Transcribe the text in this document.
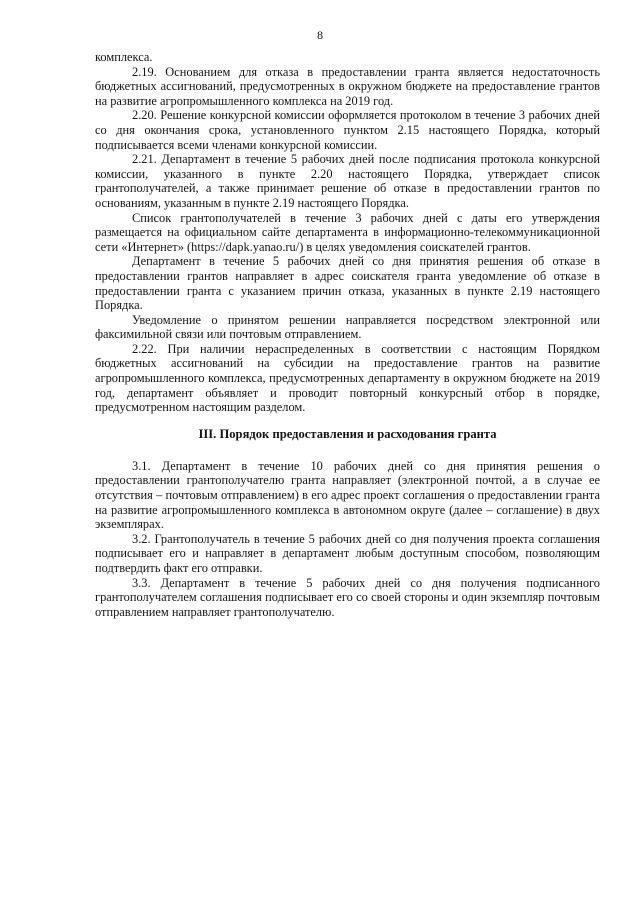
8

комплекса.

2.19. Основанием для отказа в предоставлении гранта является недостаточность бюджетных ассигнований, предусмотренных в окружном бюджете на предоставление грантов на развитие агропромышленного комплекса на 2019 год.

2.20. Решение конкурсной комиссии оформляется протоколом в течение 3 рабочих дней со дня окончания срока, установленного пунктом 2.15 настоящего Порядка, который подписывается всеми членами конкурсной комиссии.

2.21. Департамент в течение 5 рабочих дней после подписания протокола конкурсной комиссии, указанного в пункте 2.20 настоящего Порядка, утверждает список грантополучателей, а также принимает решение об отказе в предоставлении грантов по основаниям, указанным в пункте 2.19 настоящего Порядка.

Список грантополучателей в течение 3 рабочих дней с даты его утверждения размещается на официальном сайте департамента в информационно-телекоммуникационной сети «Интернет» (https://dapk.yanao.ru/) в целях уведомления соискателей грантов.

Департамент в течение 5 рабочих дней со дня принятия решения об отказе в предоставлении грантов направляет в адрес соискателя гранта уведомление об отказе в предоставлении гранта с указанием причин отказа, указанных в пункте 2.19 настоящего Порядка.

Уведомление о принятом решении направляется посредством электронной или факсимильной связи или почтовым отправлением.

2.22. При наличии нераспределенных в соответствии с настоящим Порядком бюджетных ассигнований на субсидии на предоставление грантов на развитие агропромышленного комплекса, предусмотренных департаменту в окружном бюджете на 2019 год, департамент объявляет и проводит повторный конкурсный отбор в порядке, предусмотренном настоящим разделом.

III. Порядок предоставления и расходования гранта

3.1. Департамент в течение 10 рабочих дней со дня принятия решения о предоставлении грантополучателю гранта направляет (электронной почтой, а в случае ее отсутствия – почтовым отправлением) в его адрес проект соглашения о предоставлении гранта на развитие агропромышленного комплекса в автономном округе (далее – соглашение) в двух экземплярах.

3.2. Грантополучатель в течение 5 рабочих дней со дня получения проекта соглашения подписывает его и направляет в департамент любым доступным способом, позволяющим подтвердить факт его отправки.

3.3. Департамент в течение 5 рабочих дней со дня получения подписанного грантополучателем соглашения подписывает его со своей стороны и один экземпляр почтовым отправлением направляет грантополучателю.
